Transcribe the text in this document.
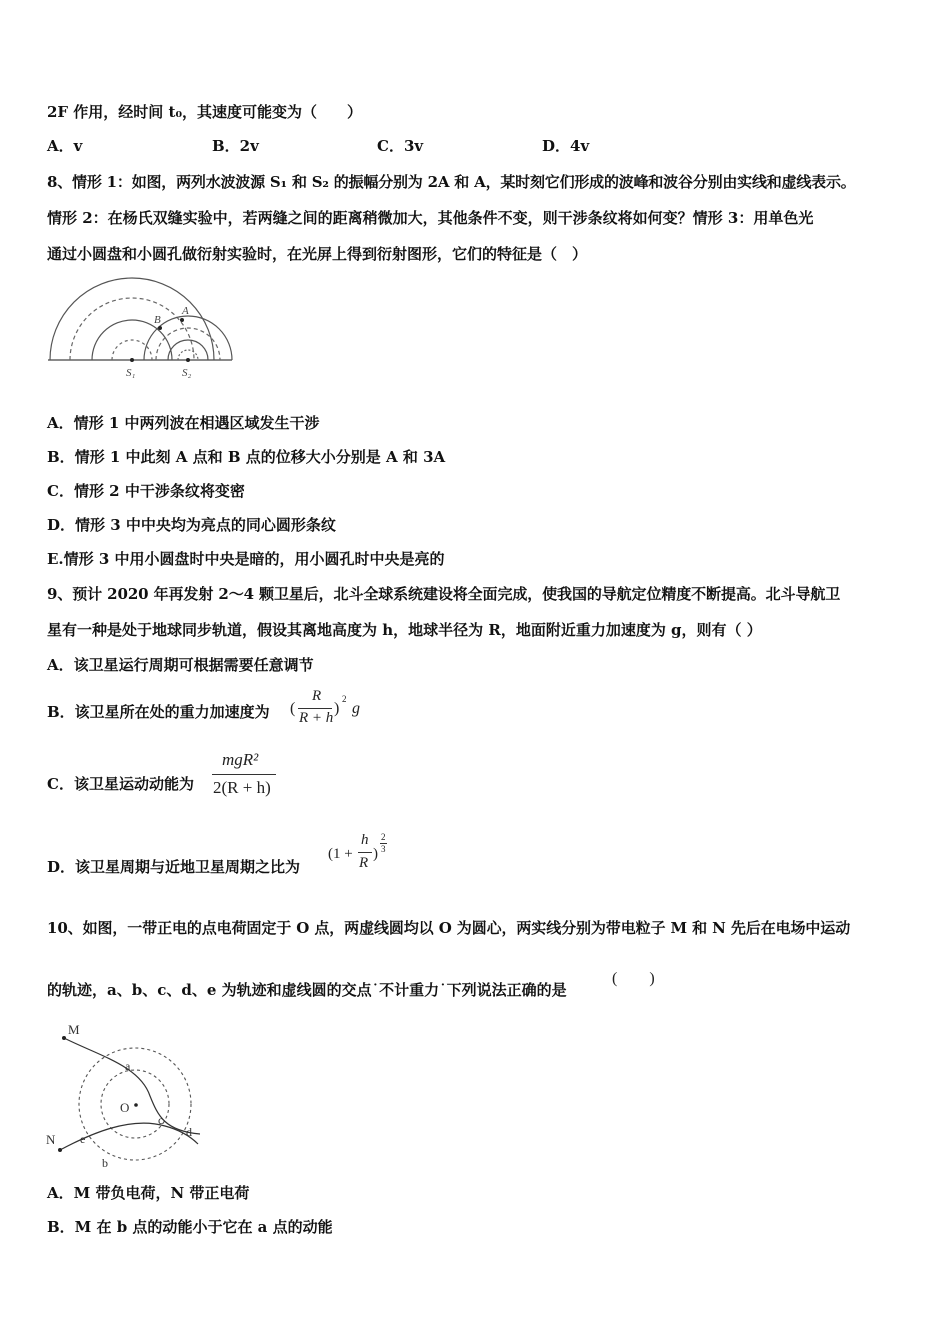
2F 作用，经时间 t₀，其速度可能变为（　　）
A．v	B．2v	C．3v	D．4v
8、情形 1：如图，两列水波波源 S₁ 和 S₂ 的振幅分别为 2A 和 A，某时刻它们形成的波峰和波谷分别由实线和虚线表示。
情形 2：在杨氏双缝实验中，若两缝之间的距离稍微加大，其他条件不变，则干涉条纹将如何变？情形 3：用单色光
通过小圆盘和小圆孔做衍射实验时，在光屏上得到衍射图形，它们的特征是（　）
B
A
S₁	S₂
A．情形 1 中两列波在相遇区域发生干涉
B．情形 1 中此刻 A 点和 B 点的位移大小分别是 A 和 3A
C．情形 2 中干涉条纹将变密
D．情形 3 中中央均为亮点的同心圆形条纹
E.情形 3 中用小圆盘时中央是暗的，用小圆孔时中央是亮的
9、预计 2020 年再发射 2～4 颗卫星后，北斗全球系统建设将全面完成，使我国的导航定位精度不断提高。北斗导航卫
星有一种是处于地球同步轨道，假设其离地高度为 h，地球半径为 R，地面附近重力加速度为 g，则有（ ）
A．该卫星运行周期可根据需要任意调节
B．该卫星所在处的重力加速度为 (
R
R + h
)
2
g
C．该卫星运动动能为
mgR²
2(R + h)
D．该卫星周期与近地卫星周期之比为
(1 +
h
R
)
2
3
10、如图，一带正电的点电荷固定于 O 点，两虚线圆均以 O 为圆心，两实线分别为带电粒子 M 和 N 先后在电场中运动
的轨迹，a、b、c、d、e 为轨迹和虚线圆的交点˙不计重力˙下列说法正确的是
(　　)
M
N
O
a
b
c
d
e
A．M 带负电荷，N 带正电荷
B．M 在 b 点的动能小于它在 a 点的动能
